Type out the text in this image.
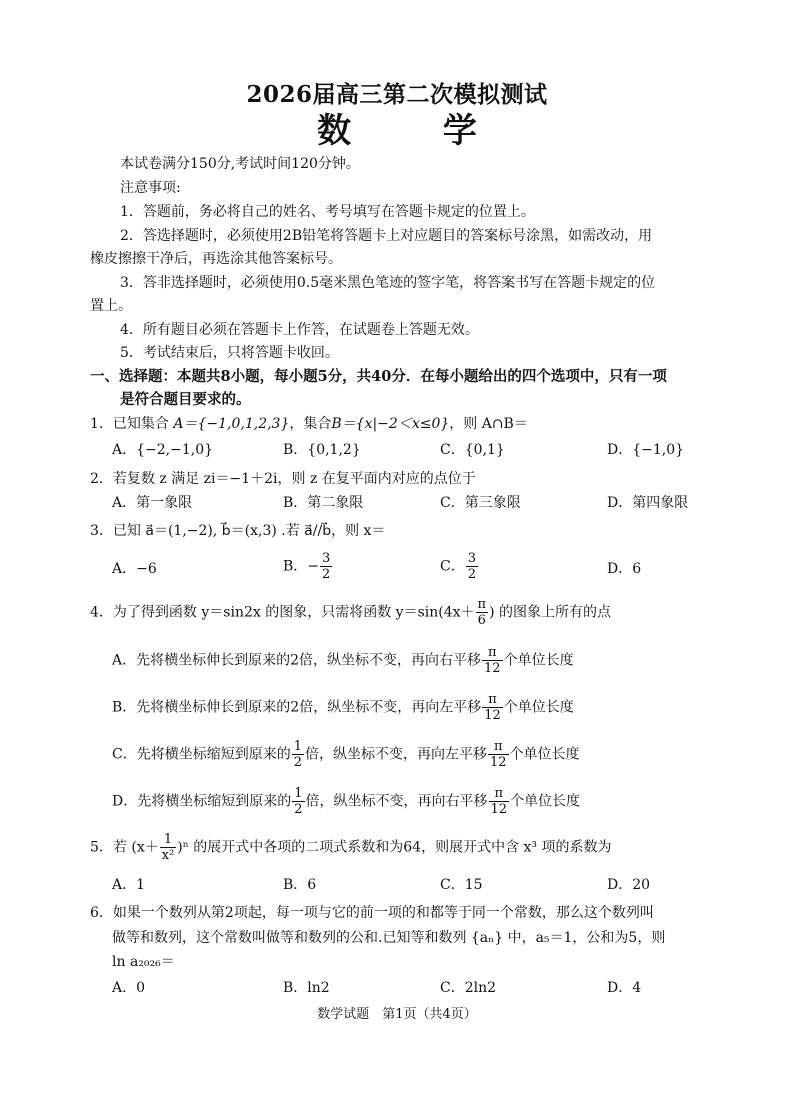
2026届高三第二次模拟测试
数 学
本试卷满分150分,考试时间120分钟。
注意事项:
1．答题前，务必将自己的姓名、考号填写在答题卡规定的位置上。
2．答选择题时，必须使用2B铅笔将答题卡上对应题目的答案标号涂黑，如需改动，用
橡皮擦擦干净后，再选涂其他答案标号。
3．答非选择题时，必须使用0.5毫米黑色笔迹的签字笔，将答案书写在答题卡规定的位
置上。
4．所有题目必须在答题卡上作答，在试题卷上答题无效。
5．考试结束后，只将答题卡收回。
一、选择题：本题共8小题，每小题5分，共40分．在每小题给出的四个选项中，只有一项
是符合题目要求的。
1．已知集合 A＝{−1,0,1,2,3}，集合B＝{x|−2＜x≤0}，则 A∩B＝
A．{−2,−1,0}	B．{0,1,2}	C．{0,1}	D．{−1,0}
2．若复数 z 满足 zi＝−1＋2i，则 z 在复平面内对应的点位于
A．第一象限	B．第二象限	C．第三象限	D．第四象限
3．已知 a⃗＝(1,−2), b⃗＝(x,3) .若 a⃗//b⃗，则 x＝
A．−6	B．− $\frac{3}{2}$	C． $\frac{3}{2}$	D．6
4．为了得到函数 y＝sin2x 的图象，只需将函数 $y=\sin(4x+ \frac{\pi}{6}$ ) 的图象上所有的点
A．先将横坐标伸长到原来的2倍，纵坐标不变，再向右平移 $\frac{\pi}{12}$ 个单位长度
B．先将横坐标伸长到原来的2倍，纵坐标不变，再向左平移 $\frac{\pi}{12}$ 个单位长度
C．先将横坐标缩短到原来的 $\frac{1}{2}$ 倍，纵坐标不变，再向左平移 $\frac{\pi}{12}$ 个单位长度
D．先将横坐标缩短到原来的 $\frac{1}{2}$ 倍，纵坐标不变，再向右平移 $\frac{\pi}{12}$ 个单位长度
5．若 $(x+ \frac{1}{\text{x²}} )^n$ 的展开式中各项的二项式系数和为64，则展开式中含 x³ 项的系数为
A．1	B．6	C．15	D．20
6．如果一个数列从第2项起，每一项与它的前一项的和都等于同一个常数，那么这个数列叫
做等和数列，这个常数叫做等和数列的公和.已知等和数列 {aₙ} 中，a₅＝1，公和为5，则
ln a₂₀₂₆＝
A．0	B．ln2	C．2ln2	D．4
数学试题　第1页（共4页）
